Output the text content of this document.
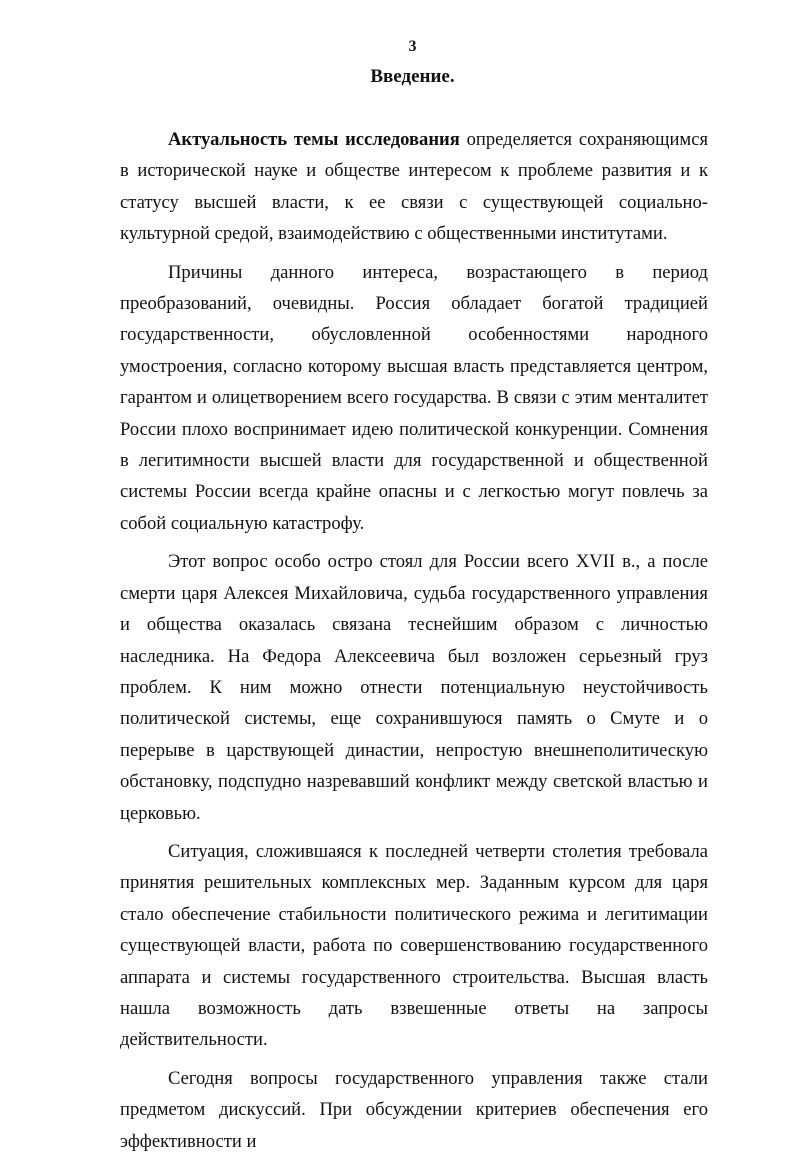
3
Введение.

Актуальность темы исследования определяется сохраняющимся в исторической науке и обществе интересом к проблеме развития и к статусу высшей власти, к ее связи с существующей социально-культурной средой, взаимодействию с общественными институтами.

Причины данного интереса, возрастающего в период преобразований, очевидны. Россия обладает богатой традицией государственности, обусловленной особенностями народного умостроения, согласно которому высшая власть представляется центром, гарантом и олицетворением всего государства. В связи с этим менталитет России плохо воспринимает идею политической конкуренции. Сомнения в легитимности высшей власти для государственной и общественной системы России всегда крайне опасны и с легкостью могут повлечь за собой социальную катастрофу.

Этот вопрос особо остро стоял для России всего XVII в., а после смерти царя Алексея Михайловича, судьба государственного управления и общества оказалась связана теснейшим образом с личностью наследника. На Федора Алексеевича был возложен серьезный груз проблем. К ним можно отнести потенциальную неустойчивость политической системы, еще сохранившуюся память о Смуте и о перерыве в царствующей династии, непростую внешнеполитическую обстановку, подспудно назревавший конфликт между светской властью и церковью.

Ситуация, сложившаяся к последней четверти столетия требовала принятия решительных комплексных мер. Заданным курсом для царя стало обеспечение стабильности политического режима и легитимации существующей власти, работа по совершенствованию государственного аппарата и системы государственного строительства. Высшая власть нашла возможность дать взвешенные ответы на запросы действительности.

Сегодня вопросы государственного управления также стали предметом дискуссий. При обсуждении критериев обеспечения его эффективности и
